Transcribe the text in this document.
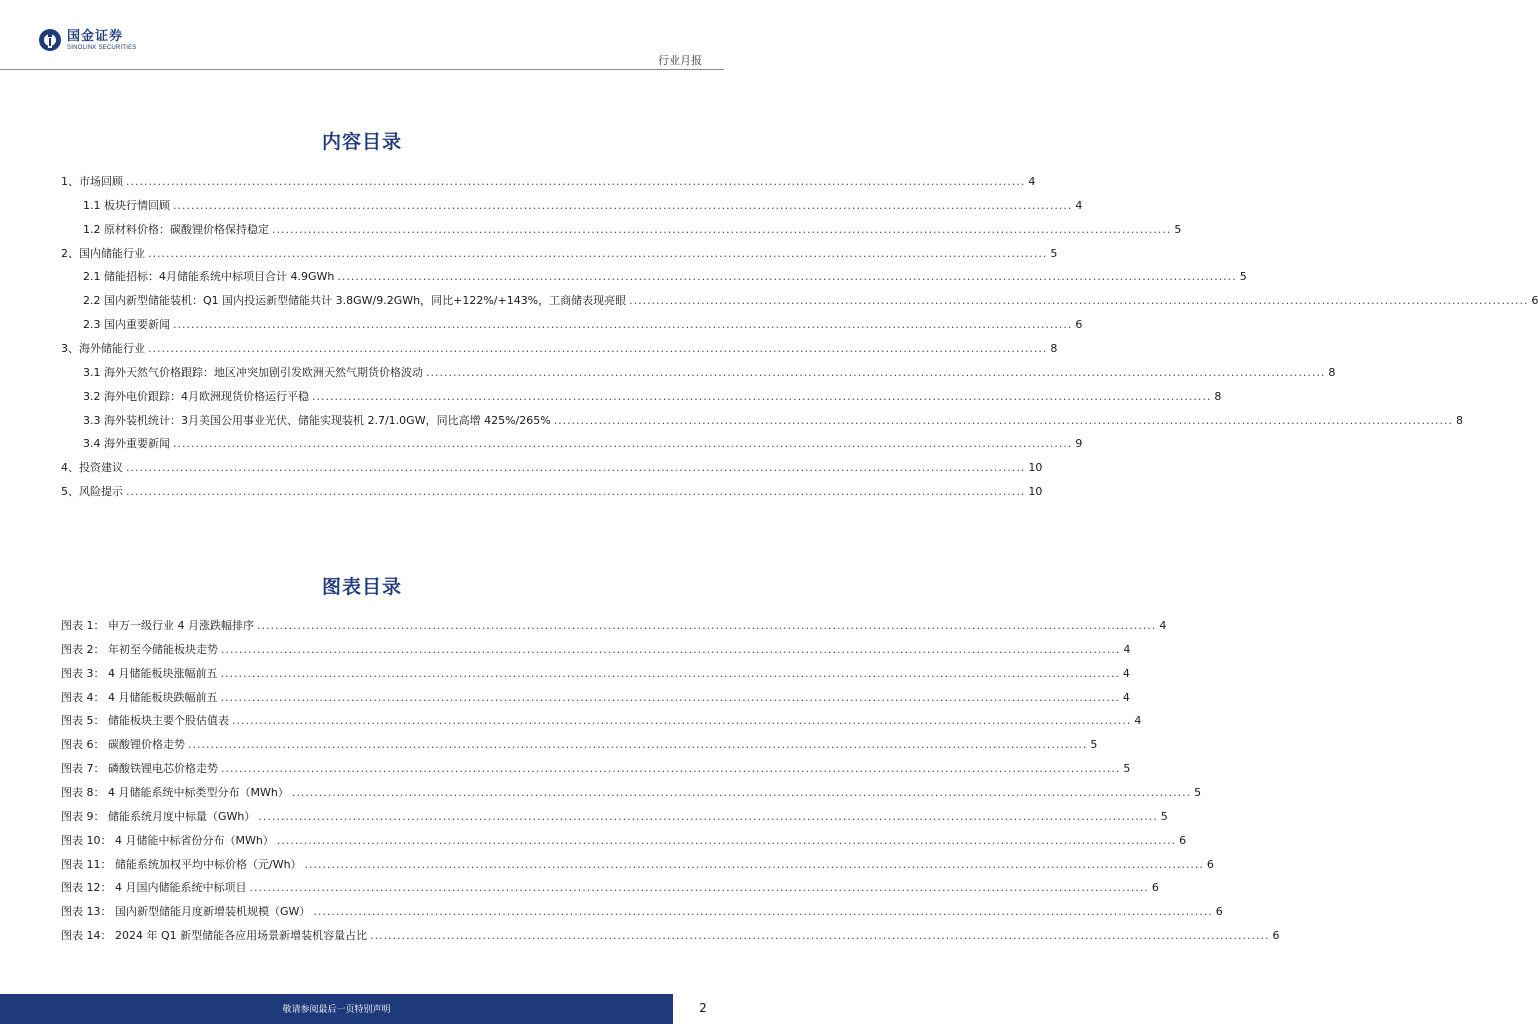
国金证券
SINOLINK SECURITIES
行业月报
内容目录
1、市场回顾 ........................................................................................................................................................................................................ 4
1.1 板块行情回顾 ........................................................................................................................................................................................................ 4
1.2 原材料价格：碳酸锂价格保持稳定 ........................................................................................................................................................................................................ 5
2、国内储能行业 ........................................................................................................................................................................................................ 5
2.1 储能招标：4月储能系统中标项目合计 4.9GWh ........................................................................................................................................................................................................ 5
2.2 国内新型储能装机：Q1 国内投运新型储能共计 3.8GW/9.2GWh，同比+122%/+143%，工商储表现亮眼 ........................................................................................................................................................................................................ 6
2.3 国内重要新闻 ........................................................................................................................................................................................................ 6
3、海外储能行业 ........................................................................................................................................................................................................ 8
3.1 海外天然气价格跟踪：地区冲突加剧引发欧洲天然气期货价格波动 ........................................................................................................................................................................................................ 8
3.2 海外电价跟踪：4月欧洲现货价格运行平稳 ........................................................................................................................................................................................................ 8
3.3 海外装机统计：3月美国公用事业光伏、储能实现装机 2.7/1.0GW，同比高增 425%/265% ........................................................................................................................................................................................................ 8
3.4 海外重要新闻 ........................................................................................................................................................................................................ 9
4、投资建议 ........................................................................................................................................................................................................ 10
5、风险提示 ........................................................................................................................................................................................................ 10
图表目录
图表 1： 申万一级行业 4 月涨跌幅排序 ........................................................................................................................................................................................................ 4
图表 2： 年初至今储能板块走势 ........................................................................................................................................................................................................ 4
图表 3： 4 月储能板块涨幅前五 ........................................................................................................................................................................................................ 4
图表 4： 4 月储能板块跌幅前五 ........................................................................................................................................................................................................ 4
图表 5： 储能板块主要个股估值表 ........................................................................................................................................................................................................ 4
图表 6： 碳酸锂价格走势 ........................................................................................................................................................................................................ 5
图表 7： 磷酸铁锂电芯价格走势 ........................................................................................................................................................................................................ 5
图表 8： 4 月储能系统中标类型分布（MWh） ........................................................................................................................................................................................................ 5
图表 9： 储能系统月度中标量（GWh） ........................................................................................................................................................................................................ 5
图表 10： 4 月储能中标省份分布（MWh） ........................................................................................................................................................................................................ 6
图表 11： 储能系统加权平均中标价格（元/Wh） ........................................................................................................................................................................................................ 6
图表 12： 4 月国内储能系统中标项目 ........................................................................................................................................................................................................ 6
图表 13： 国内新型储能月度新增装机规模（GW） ........................................................................................................................................................................................................ 6
图表 14： 2024 年 Q1 新型储能各应用场景新增装机容量占比 ........................................................................................................................................................................................................ 6
敬请参阅最后一页特别声明	2
